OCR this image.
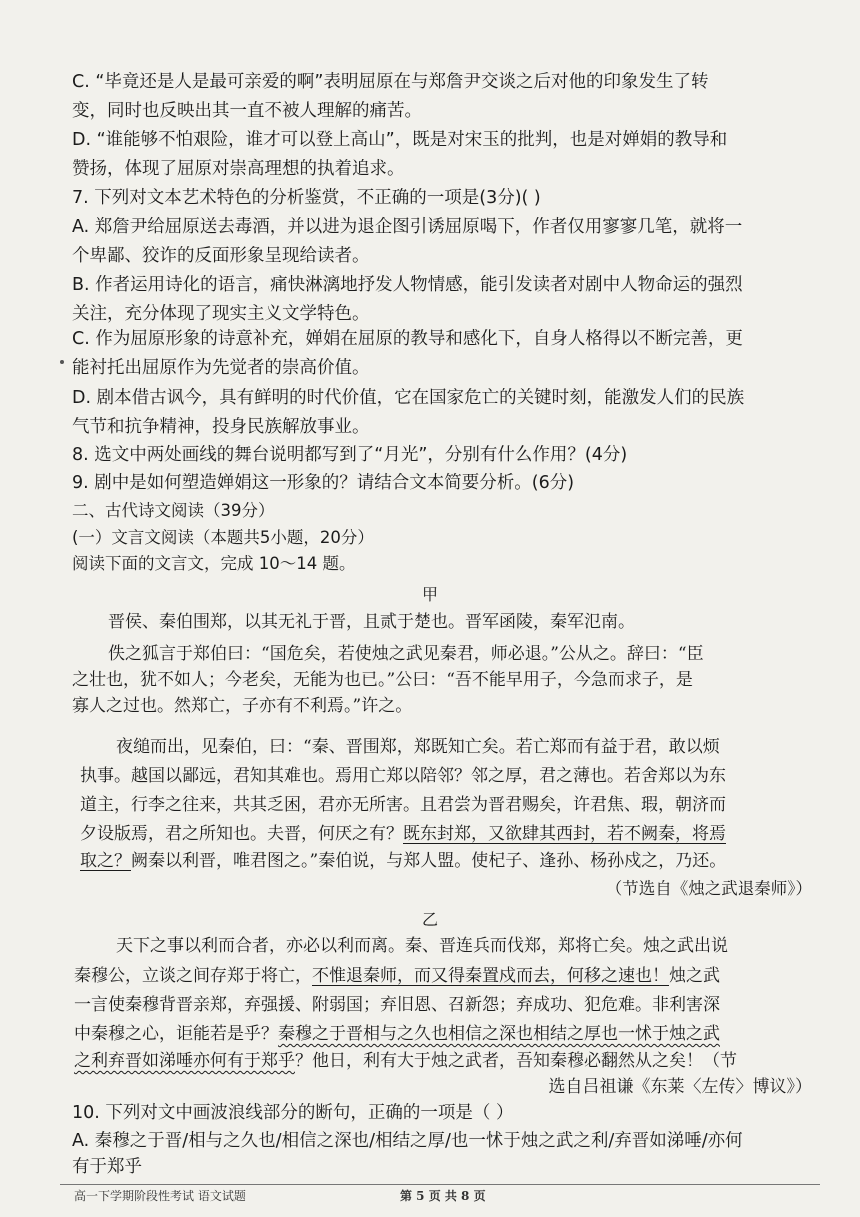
C. “毕竟还是人是最可亲爱的啊”表明屈原在与郑詹尹交谈之后对他的印象发生了转
变，同时也反映出其一直不被人理解的痛苦。
D. “谁能够不怕艰险，谁才可以登上高山”，既是对宋玉的批判，也是对婵娟的教导和
赞扬，体现了屈原对崇高理想的执着追求。
7. 下列对文本艺术特色的分析鉴赏，不正确的一项是(3分)( )
A. 郑詹尹给屈原送去毒酒，并以进为退企图引诱屈原喝下，作者仅用寥寥几笔，就将一
个卑鄙、狡诈的反面形象呈现给读者。
B. 作者运用诗化的语言，痛快淋漓地抒发人物情感，能引发读者对剧中人物命运的强烈
关注，充分体现了现实主义文学特色。
C. 作为屈原形象的诗意补充，婵娟在屈原的教导和感化下，自身人格得以不断完善，更
能衬托出屈原作为先觉者的崇高价值。
D. 剧本借古讽今，具有鲜明的时代价值，它在国家危亡的关键时刻，能激发人们的民族
气节和抗争精神，投身民族解放事业。
8. 选文中两处画线的舞台说明都写到了“月光”，分别有什么作用？(4分)
9. 剧中是如何塑造婵娟这一形象的？请结合文本简要分析。(6分)
二、古代诗文阅读（39分）
(一）文言文阅读（本题共5小题，20分）
阅读下面的文言文，完成 10～14 题。
甲
晋侯、秦伯围郑，以其无礼于晋，且贰于楚也。晋军函陵，秦军氾南。
佚之狐言于郑伯曰：“国危矣，若使烛之武见秦君，师必退。”公从之。辞曰：“臣
之壮也，犹不如人；今老矣，无能为也已。”公曰：“吾不能早用子，今急而求子，是
寡人之过也。然郑亡，子亦有不利焉。”许之。
夜缒而出，见秦伯，曰：“秦、晋围郑，郑既知亡矣。若亡郑而有益于君，敢以烦
执事。越国以鄙远，君知其难也。焉用亡郑以陪邻？邻之厚，君之薄也。若舍郑以为东
道主，行李之往来，共其乏困，君亦无所害。且君尝为晋君赐矣，许君焦、瑕，朝济而
夕设版焉，君之所知也。夫晋，何厌之有？既东封郑，又欲肆其西封，若不阙秦，将焉
取之？阙秦以利晋，唯君图之。”秦伯说，与郑人盟。使杞子、逢孙、杨孙戍之，乃还。
（节选自《烛之武退秦师》）
乙
天下之事以利而合者，亦必以利而离。秦、晋连兵而伐郑，郑将亡矣。烛之武出说
秦穆公，立谈之间存郑于将亡，不惟退秦师，而又得秦置戍而去，何移之速也！烛之武
一言使秦穆背晋亲郑，弃强援、附弱国；弃旧恩、召新怨；弃成功、犯危难。非利害深
中秦穆之心，讵能若是乎？秦穆之于晋相与之久也相信之深也相结之厚也一怵于烛之武
之利弃晋如涕唾亦何有于郑乎？他日，利有大于烛之武者，吾知秦穆必翻然从之矣！（节
选自吕祖谦《东莱〈左传〉博议》）
10. 下列对文中画波浪线部分的断句，正确的一项是（ ）
A. 秦穆之于晋/相与之久也/相信之深也/相结之厚/也一怵于烛之武之利/弃晋如涕唾/亦何
有于郑乎
高一下学期阶段性考试 语文试题	第 5 页 共 8 页
